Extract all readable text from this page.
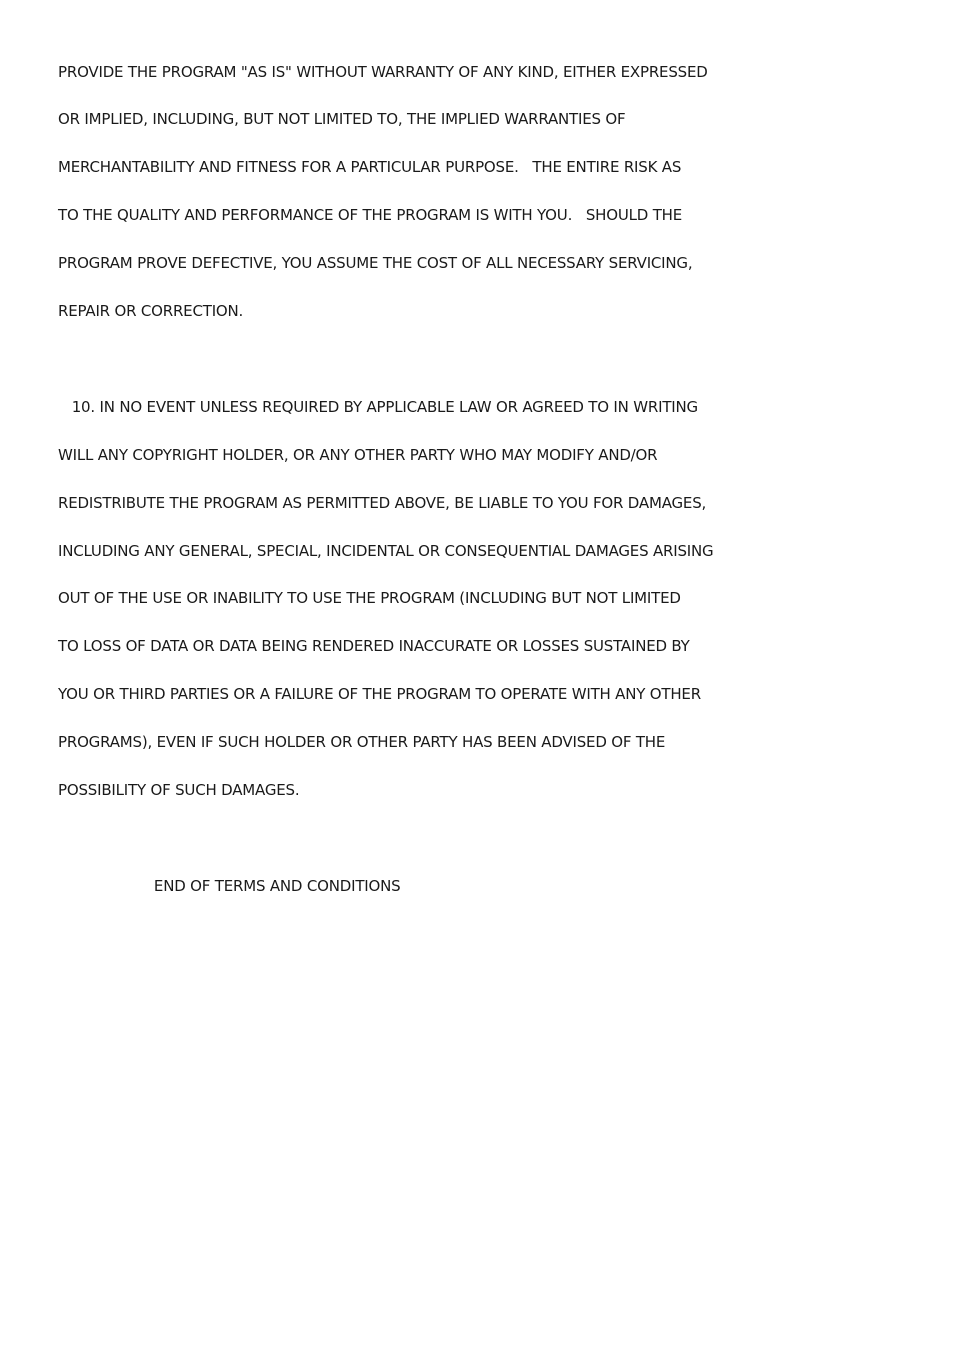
PROVIDE THE PROGRAM "AS IS" WITHOUT WARRANTY OF ANY KIND, EITHER EXPRESSED
OR IMPLIED, INCLUDING, BUT NOT LIMITED TO, THE IMPLIED WARRANTIES OF
MERCHANTABILITY AND FITNESS FOR A PARTICULAR PURPOSE.   THE ENTIRE RISK AS
TO THE QUALITY AND PERFORMANCE OF THE PROGRAM IS WITH YOU.   SHOULD THE
PROGRAM PROVE DEFECTIVE, YOU ASSUME THE COST OF ALL NECESSARY SERVICING,
REPAIR OR CORRECTION.
10. IN NO EVENT UNLESS REQUIRED BY APPLICABLE LAW OR AGREED TO IN WRITING
WILL ANY COPYRIGHT HOLDER, OR ANY OTHER PARTY WHO MAY MODIFY AND/OR
REDISTRIBUTE THE PROGRAM AS PERMITTED ABOVE, BE LIABLE TO YOU FOR DAMAGES,
INCLUDING ANY GENERAL, SPECIAL, INCIDENTAL OR CONSEQUENTIAL DAMAGES ARISING
OUT OF THE USE OR INABILITY TO USE THE PROGRAM (INCLUDING BUT NOT LIMITED
TO LOSS OF DATA OR DATA BEING RENDERED INACCURATE OR LOSSES SUSTAINED BY
YOU OR THIRD PARTIES OR A FAILURE OF THE PROGRAM TO OPERATE WITH ANY OTHER
PROGRAMS), EVEN IF SUCH HOLDER OR OTHER PARTY HAS BEEN ADVISED OF THE
POSSIBILITY OF SUCH DAMAGES.
END OF TERMS AND CONDITIONS
